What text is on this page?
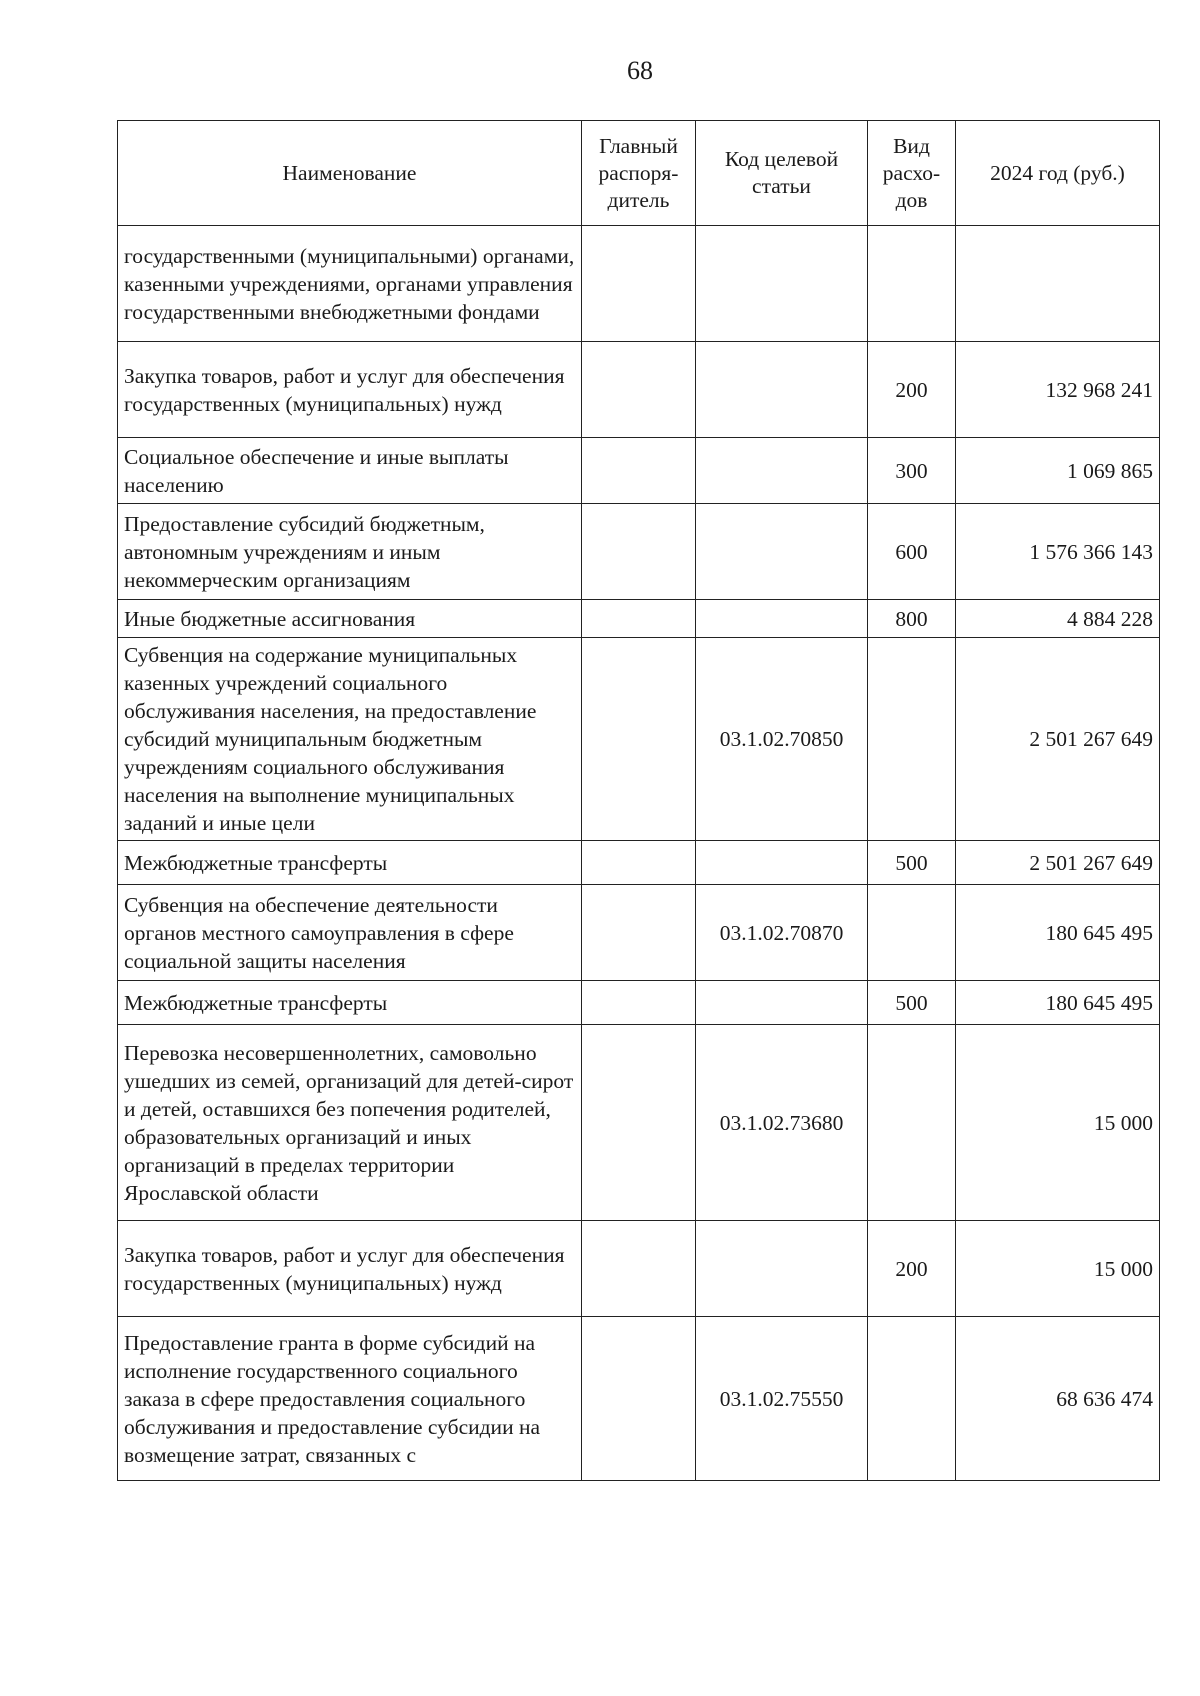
68
Наименование	Главный распоря-дитель	Код целевой статьи	Вид расхо-дов	2024 год (руб.)
государственными (муниципальными) органами, казенными учреждениями, органами управления государственными внебюджетными фондами				
Закупка товаров, работ и услуг для обеспечения государственных (муниципальных) нужд			200	132 968 241
Социальное обеспечение и иные выплаты населению			300	1 069 865
Предоставление субсидий бюджетным, автономным учреждениям и иным некоммерческим организациям			600	1 576 366 143
Иные бюджетные ассигнования			800	4 884 228
Субвенция на содержание муниципальных казенных учреждений социального обслуживания населения, на предоставление субсидий муниципальным бюджетным учреждениям социального обслуживания населения на выполнение муниципальных заданий и иные цели		03.1.02.70850		2 501 267 649
Межбюджетные трансферты			500	2 501 267 649
Субвенция на обеспечение деятельности органов местного самоуправления в сфере социальной защиты населения		03.1.02.70870		180 645 495
Межбюджетные трансферты			500	180 645 495
Перевозка несовершеннолетних, самовольно ушедших из семей, организаций для детей-сирот и детей, оставшихся без попечения родителей, образовательных организаций и иных организаций в пределах территории Ярославской области		03.1.02.73680		15 000
Закупка товаров, работ и услуг для обеспечения государственных (муниципальных) нужд			200	15 000
Предоставление гранта в форме субсидий на исполнение государственного социального заказа в сфере предоставления социального обслуживания и предоставление субсидии на возмещение затрат, связанных с		03.1.02.75550		68 636 474
